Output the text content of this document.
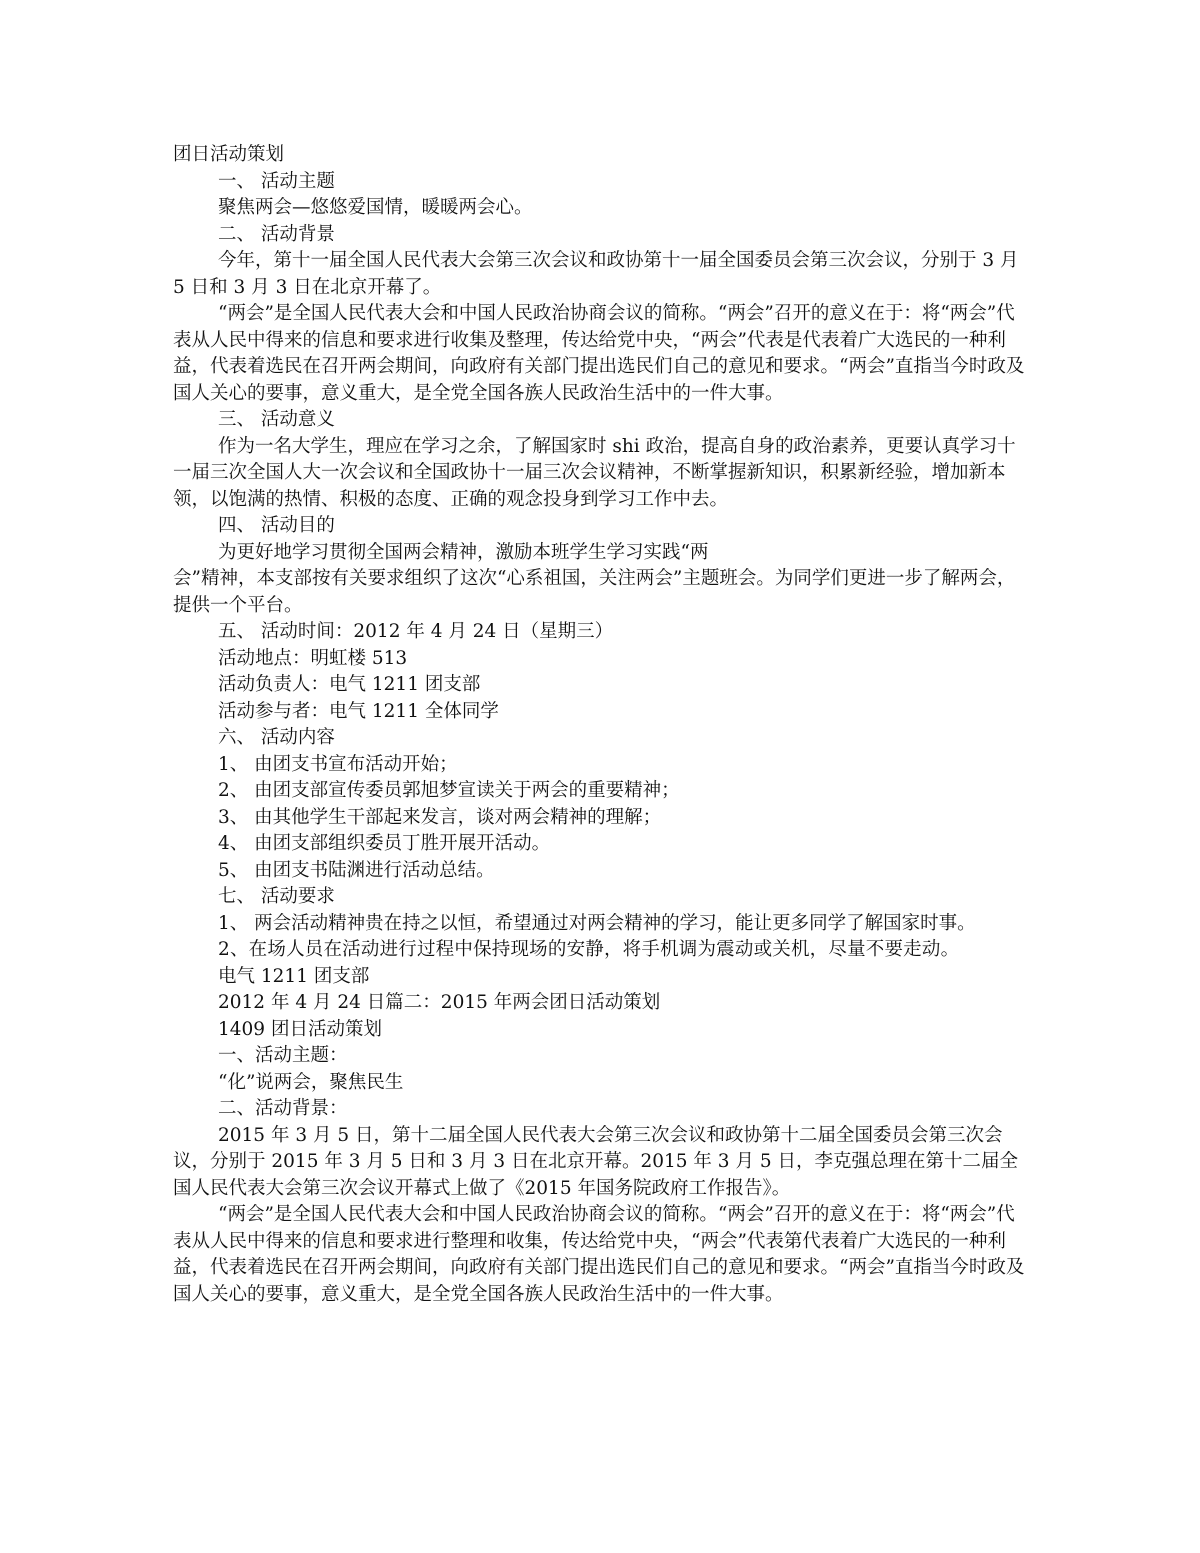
团日活动策划

一、 活动主题

聚焦两会—悠悠爱国情，暖暖两会心。

二、 活动背景

今年，第十一届全国人民代表大会第三次会议和政协第十一届全国委员会第三次会议，分别于 3 月 5 日和 3 月 3 日在北京开幕了。

“两会”是全国人民代表大会和中国人民政治协商会议的简称。“两会”召开的意义在于：将“两会”代表从人民中得来的信息和要求进行收集及整理，传达给党中央，“两会”代表是代表着广大选民的一种利益，代表着选民在召开两会期间，向政府有关部门提出选民们自己的意见和要求。“两会”直指当今时政及国人关心的要事，意义重大，是全党全国各族人民政治生活中的一件大事。

三、 活动意义

作为一名大学生，理应在学习之余，了解国家时 shi 政治，提高自身的政治素养，更要认真学习十一届三次全国人大一次会议和全国政协十一届三次会议精神，不断掌握新知识，积累新经验，增加新本领，以饱满的热情、积极的态度、正确的观念投身到学习工作中去。

四、 活动目的

为更好地学习贯彻全国两会精神，激励本班学生学习实践“两

会”精神，本支部按有关要求组织了这次“心系祖国，关注两会”主题班会。为同学们更进一步了解两会，提供一个平台。

五、 活动时间：2012 年 4 月 24 日（星期三）

活动地点：明虹楼 513

活动负责人：电气 1211 团支部

活动参与者：电气 1211 全体同学

六、 活动内容

1、 由团支书宣布活动开始；

2、 由团支部宣传委员郭旭梦宣读关于两会的重要精神；

3、 由其他学生干部起来发言，谈对两会精神的理解；

4、 由团支部组织委员丁胜开展开活动。

5、 由团支书陆渊进行活动总结。

七、 活动要求

1、 两会活动精神贵在持之以恒，希望通过对两会精神的学习，能让更多同学了解国家时事。

2、在场人员在活动进行过程中保持现场的安静，将手机调为震动或关机，尽量不要走动。

电气 1211 团支部

2012 年 4 月 24 日篇二：2015 年两会团日活动策划

1409 团日活动策划

一、活动主题：

“化”说两会，聚焦民生

二、活动背景：

2015 年 3 月 5 日，第十二届全国人民代表大会第三次会议和政协第十二届全国委员会第三次会议，分别于 2015 年 3 月 5 日和 3 月 3 日在北京开幕。2015 年 3 月 5 日，李克强总理在第十二届全国人民代表大会第三次会议开幕式上做了《2015 年国务院政府工作报告》。

“两会”是全国人民代表大会和中国人民政治协商会议的简称。“两会”召开的意义在于：将“两会”代表从人民中得来的信息和要求进行整理和收集，传达给党中央，“两会”代表第代表着广大选民的一种利益，代表着选民在召开两会期间，向政府有关部门提出选民们自己的意见和要求。“两会”直指当今时政及国人关心的要事，意义重大，是全党全国各族人民政治生活中的一件大事。
